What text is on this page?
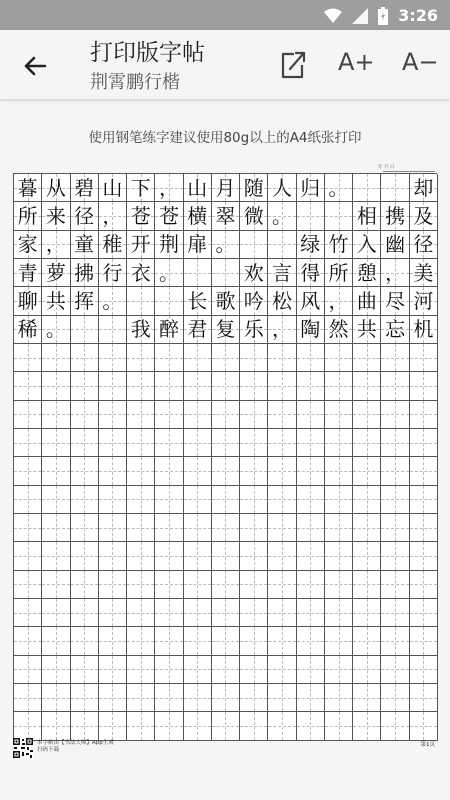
3:26
打印版字帖
荆霄鹏行楷
A+ A−
使用钢笔练字建议使用80g以上的A4纸张打印
年 月 日
暮 从 碧 山 下 ， 山 月 随 人 归 。	却
所 来 径 ， 苍 苍 横 翠 微 。	相 携 及
家 ， 童 稚 开 荆 扉 。	绿 竹 入 幽 径
青 萝 拂 行 衣 。	欢 言 得 所 憩 ， 美
聊 共 挥 。	长 歌 吟 松 风 ， 曲 尽 河
稀 。	我 醉 君 复 乐 ， 陶 然 共 忘 机
本字帖由【书法大师】App生成
扫码下载
第1页
